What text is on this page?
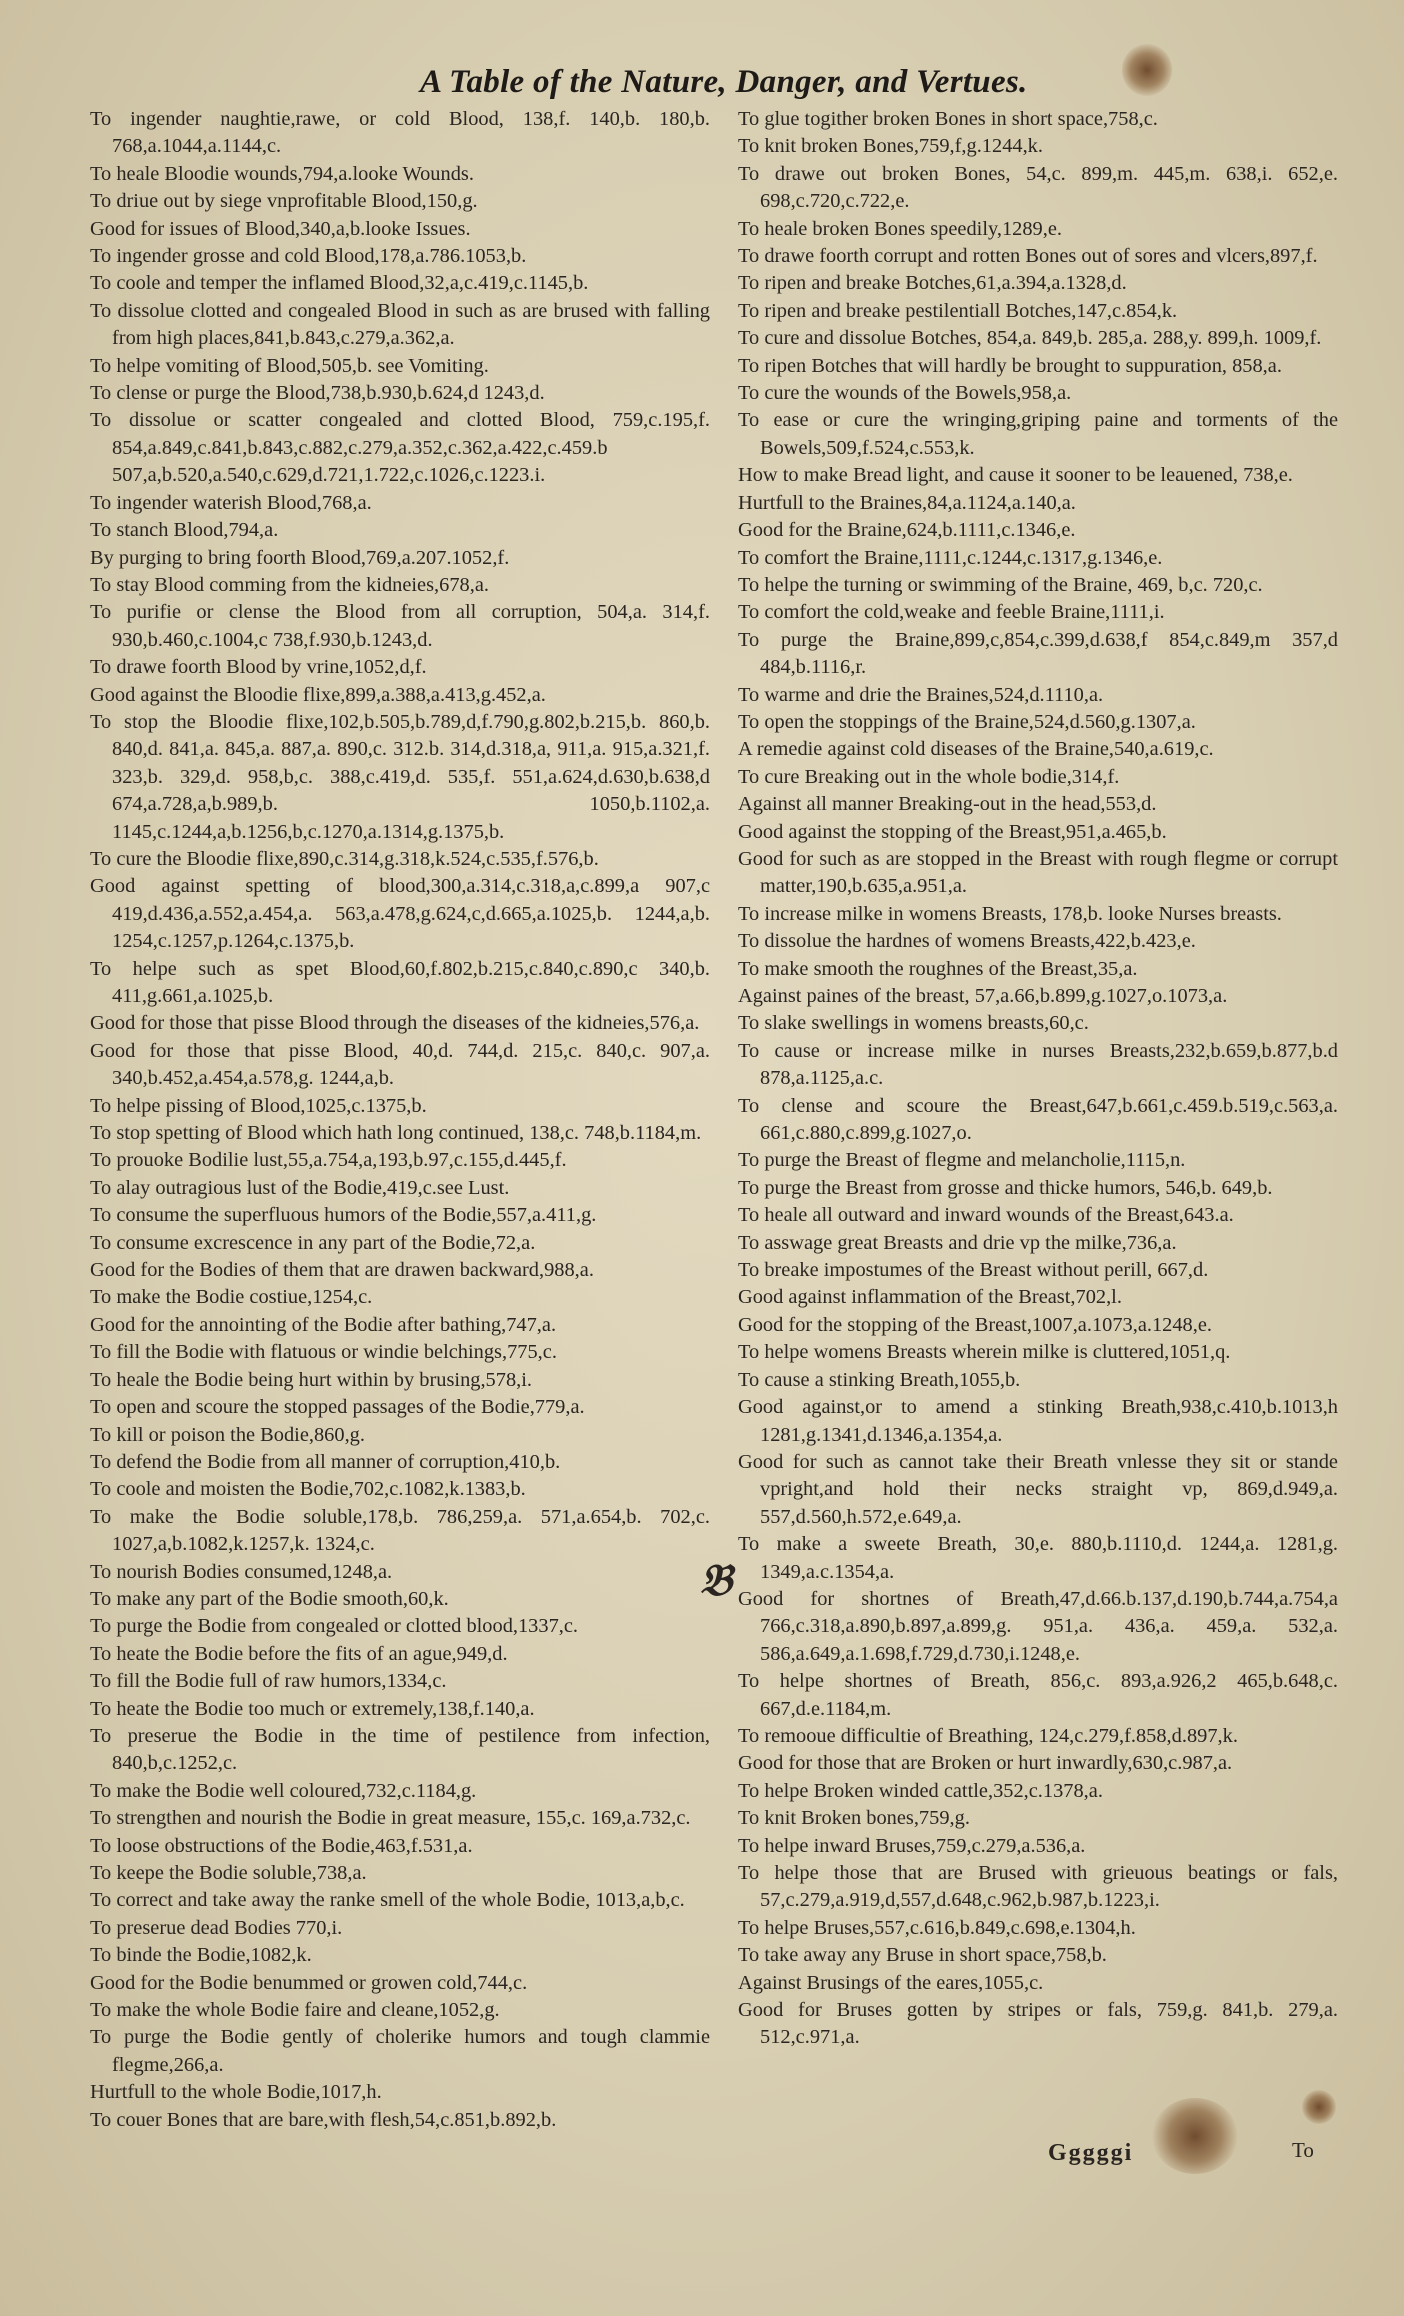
A Table of the Nature, Danger, and Vertues.
𝔅

To ingender naughtie,rawe, or cold Blood, 138,f. 140,b. 180,b. 768,a.1044,a.1144,c.

To heale Bloodie wounds,794,a.looke Wounds.

To driue out by siege vnprofitable Blood,150,g.

Good for issues of Blood,340,a,b.looke Issues.

To ingender grosse and cold Blood,178,a.786.1053,b.

To coole and temper the inflamed Blood,32,a,c.419,c.1145,b.

To dissolue clotted and congealed Blood in such as are brused with falling from high places,841,b.843,c.279,a.362,a.

To helpe vomiting of Blood,505,b. see Vomiting.

To clense or purge the Blood,738,b.930,b.624,d 1243,d.

To dissolue or scatter congealed and clotted Blood, 759,c.195,f. 854,a.849,c.841,b.843,c.882,c.279,a.352,c.362,a.422,c.459.b 507,a,b.520,a.540,c.629,d.721,1.722,c.1026,c.1223.i.

To ingender waterish Blood,768,a.

To stanch Blood,794,a.

By purging to bring foorth Blood,769,a.207.1052,f.

To stay Blood comming from the kidneies,678,a.

To purifie or clense the Blood from all corruption, 504,a. 314,f. 930,b.460,c.1004,c 738,f.930,b.1243,d.

To drawe foorth Blood by vrine,1052,d,f.

Good against the Bloodie flixe,899,a.388,a.413,g.452,a.

To stop the Bloodie flixe,102,b.505,b.789,d,f.790,g.802,b.215,b. 860,b. 840,d. 841,a. 845,a. 887,a. 890,c. 312.b. 314,d.318,a, 911,a. 915,a.321,f. 323,b. 329,d. 958,b,c. 388,c.419,d. 535,f. 551,a.624,d.630,b.638,d 674,a.728,a,b.989,b. 1050,b.1102,a. 1145,c.1244,a,b.1256,b,c.1270,a.1314,g.1375,b.

To cure the Bloodie flixe,890,c.314,g.318,k.524,c.535,f.576,b.

Good against spetting of blood,300,a.314,c.318,a,c.899,a 907,c 419,d.436,a.552,a.454,a. 563,a.478,g.624,c,d.665,a.1025,b. 1244,a,b. 1254,c.1257,p.1264,c.1375,b.

To helpe such as spet Blood,60,f.802,b.215,c.840,c.890,c 340,b. 411,g.661,a.1025,b.

Good for those that pisse Blood through the diseases of the kidneies,576,a.

Good for those that pisse Blood, 40,d. 744,d. 215,c. 840,c. 907,a. 340,b.452,a.454,a.578,g. 1244,a,b.

To helpe pissing of Blood,1025,c.1375,b.

To stop spetting of Blood which hath long continued, 138,c. 748,b.1184,m.

To prouoke Bodilie lust,55,a.754,a,193,b.97,c.155,d.445,f.

To alay outragious lust of the Bodie,419,c.see Lust.

To consume the superfluous humors of the Bodie,557,a.411,g.

To consume excrescence in any part of the Bodie,72,a.

Good for the Bodies of them that are drawen backward,988,a.

To make the Bodie costiue,1254,c.

Good for the annointing of the Bodie after bathing,747,a.

To fill the Bodie with flatuous or windie belchings,775,c.

To heale the Bodie being hurt within by brusing,578,i.

To open and scoure the stopped passages of the Bodie,779,a.

To kill or poison the Bodie,860,g.

To defend the Bodie from all manner of corruption,410,b.

To coole and moisten the Bodie,702,c.1082,k.1383,b.

To make the Bodie soluble,178,b. 786,259,a. 571,a.654,b. 702,c. 1027,a,b.1082,k.1257,k. 1324,c.

To nourish Bodies consumed,1248,a.

To make any part of the Bodie smooth,60,k.

To purge the Bodie from congealed or clotted blood,1337,c.

To heate the Bodie before the fits of an ague,949,d.

To fill the Bodie full of raw humors,1334,c.

To heate the Bodie too much or extremely,138,f.140,a.

To preserue the Bodie in the time of pestilence from infection, 840,b,c.1252,c.

To make the Bodie well coloured,732,c.1184,g.

To strengthen and nourish the Bodie in great measure, 155,c. 169,a.732,c.

To loose obstructions of the Bodie,463,f.531,a.

To keepe the Bodie soluble,738,a.

To correct and take away the ranke smell of the whole Bodie, 1013,a,b,c.

To preserue dead Bodies 770,i.

To binde the Bodie,1082,k.

Good for the Bodie benummed or growen cold,744,c.

To make the whole Bodie faire and cleane,1052,g.

To purge the Bodie gently of cholerike humors and tough clammie flegme,266,a.

Hurtfull to the whole Bodie,1017,h.

To couer Bones that are bare,with flesh,54,c.851,b.892,b.

To glue togither broken Bones in short space,758,c.

To knit broken Bones,759,f,g.1244,k.

To drawe out broken Bones, 54,c. 899,m. 445,m. 638,i. 652,e. 698,c.720,c.722,e.

To heale broken Bones speedily,1289,e.

To drawe foorth corrupt and rotten Bones out of sores and vlcers,897,f.

To ripen and breake Botches,61,a.394,a.1328,d.

To ripen and breake pestilentiall Botches,147,c.854,k.

To cure and dissolue Botches, 854,a. 849,b. 285,a. 288,y. 899,h. 1009,f.

To ripen Botches that will hardly be brought to suppuration, 858,a.

To cure the wounds of the Bowels,958,a.

To ease or cure the wringing,griping paine and torments of the Bowels,509,f.524,c.553,k.

How to make Bread light, and cause it sooner to be leauened, 738,e.

Hurtfull to the Braines,84,a.1124,a.140,a.

Good for the Braine,624,b.1111,c.1346,e.

To comfort the Braine,1111,c.1244,c.1317,g.1346,e.

To helpe the turning or swimming of the Braine, 469, b,c. 720,c.

To comfort the cold,weake and feeble Braine,1111,i.

To purge the Braine,899,c,854,c.399,d.638,f 854,c.849,m 357,d 484,b.1116,r.

To warme and drie the Braines,524,d.1110,a.

To open the stoppings of the Braine,524,d.560,g.1307,a.

A remedie against cold diseases of the Braine,540,a.619,c.

To cure Breaking out in the whole bodie,314,f.

Against all manner Breaking-out in the head,553,d.

Good against the stopping of the Breast,951,a.465,b.

Good for such as are stopped in the Breast with rough flegme or corrupt matter,190,b.635,a.951,a.

To increase milke in womens Breasts, 178,b. looke Nurses breasts.

To dissolue the hardnes of womens Breasts,422,b.423,e.

To make smooth the roughnes of the Breast,35,a.

Against paines of the breast, 57,a.66,b.899,g.1027,o.1073,a.

To slake swellings in womens breasts,60,c.

To cause or increase milke in nurses Breasts,232,b.659,b.877,b.d 878,a.1125,a.c.

To clense and scoure the Breast,647,b.661,c.459.b.519,c.563,a. 661,c.880,c.899,g.1027,o.

To purge the Breast of flegme and melancholie,1115,n.

To purge the Breast from grosse and thicke humors, 546,b. 649,b.

To heale all outward and inward wounds of the Breast,643.a.

To asswage great Breasts and drie vp the milke,736,a.

To breake impostumes of the Breast without perill, 667,d.

Good against inflammation of the Breast,702,l.

Good for the stopping of the Breast,1007,a.1073,a.1248,e.

To helpe womens Breasts wherein milke is cluttered,1051,q.

To cause a stinking Breath,1055,b.

Good against,or to amend a stinking Breath,938,c.410,b.1013,h 1281,g.1341,d.1346,a.1354,a.

Good for such as cannot take their Breath vnlesse they sit or stande vpright,and hold their necks straight vp, 869,d.949,a. 557,d.560,h.572,e.649,a.

To make a sweete Breath, 30,e. 880,b.1110,d. 1244,a. 1281,g. 1349,a.c.1354,a.

Good for shortnes of Breath,47,d.66.b.137,d.190,b.744,a.754,a 766,c.318,a.890,b.897,a.899,g. 951,a. 436,a. 459,a. 532,a. 586,a.649,a.1.698,f.729,d.730,i.1248,e.

To helpe shortnes of Breath, 856,c. 893,a.926,2 465,b.648,c. 667,d.e.1184,m.

To remooue difficultie of Breathing, 124,c.279,f.858,d.897,k.

Good for those that are Broken or hurt inwardly,630,c.987,a.

To helpe Broken winded cattle,352,c.1378,a.

To knit Broken bones,759,g.

To helpe inward Bruses,759,c.279,a.536,a.

To helpe those that are Brused with grieuous beatings or fals, 57,c.279,a.919,d,557,d.648,c.962,b.987,b.1223,i.

To helpe Bruses,557,c.616,b.849,c.698,e.1304,h.

To take away any Bruse in short space,758,b.

Against Brusings of the eares,1055,c.

Good for Bruses gotten by stripes or fals, 759,g. 841,b. 279,a. 512,c.971,a.

Gggggi	To
